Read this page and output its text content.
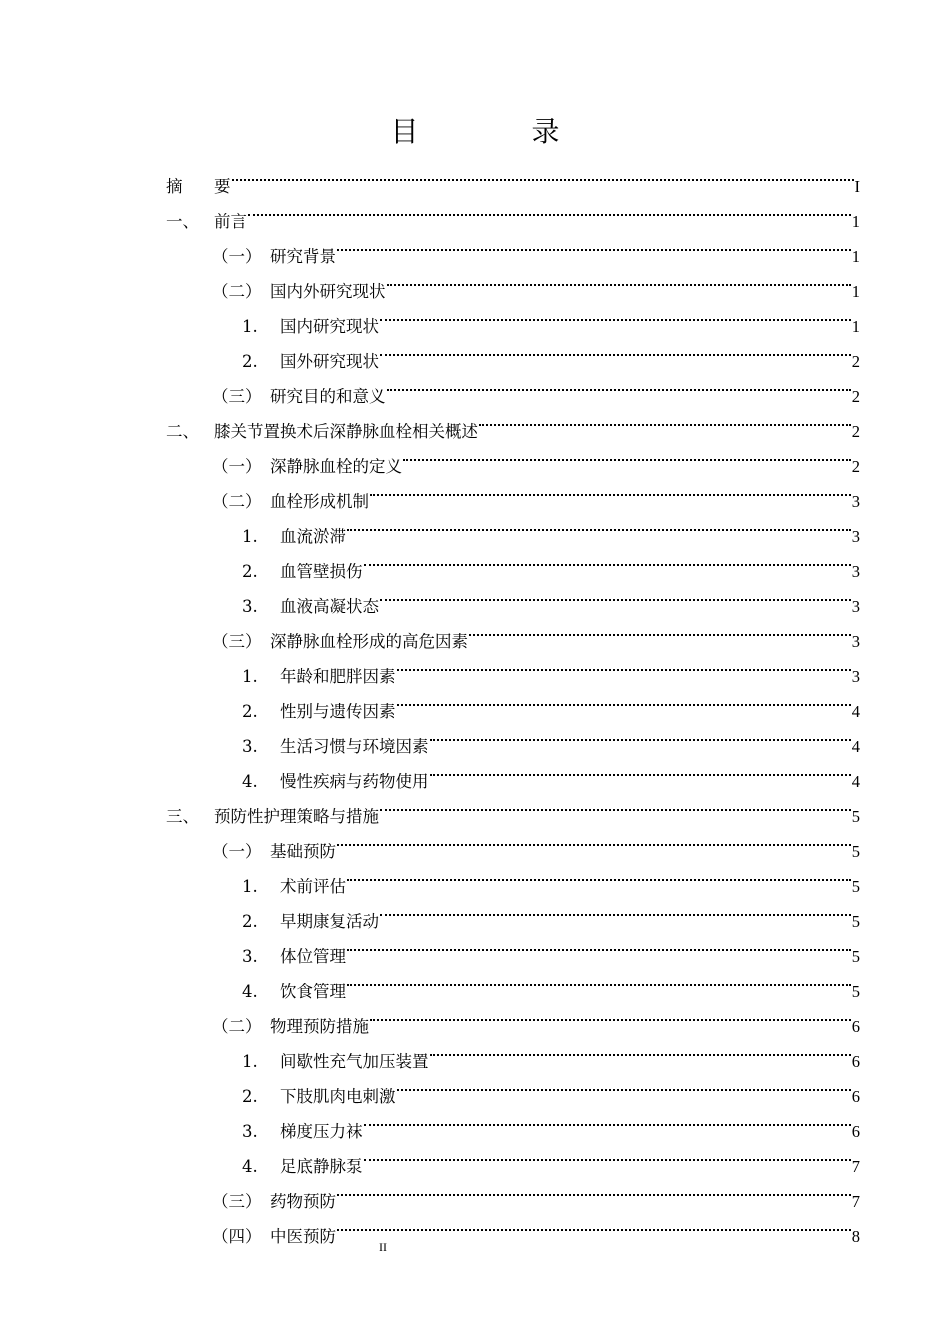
目 录
摘	要	I
一、 前言	1
（一） 研究背景	1
（二） 国内外研究现状	1
1.	国内研究现状	1
2.	国外研究现状	2
（三） 研究目的和意义	2
二、 膝关节置换术后深静脉血栓相关概述	2
（一） 深静脉血栓的定义	2
（二） 血栓形成机制	3
1.	血流淤滞	3
2.	血管壁损伤	3
3.	血液高凝状态	3
（三） 深静脉血栓形成的高危因素	3
1.	年龄和肥胖因素	3
2.	性别与遗传因素	4
3.	生活习惯与环境因素	4
4.	慢性疾病与药物使用	4
三、 预防性护理策略与措施	5
（一） 基础预防	5
1.	术前评估	5
2.	早期康复活动	5
3.	体位管理	5
4.	饮食管理	5
（二） 物理预防措施	6
1.	间歇性充气加压装置	6
2.	下肢肌肉电刺激	6
3.	梯度压力袜	6
4.	足底静脉泵	7
（三） 药物预防	7
（四） 中医预防	8
II
